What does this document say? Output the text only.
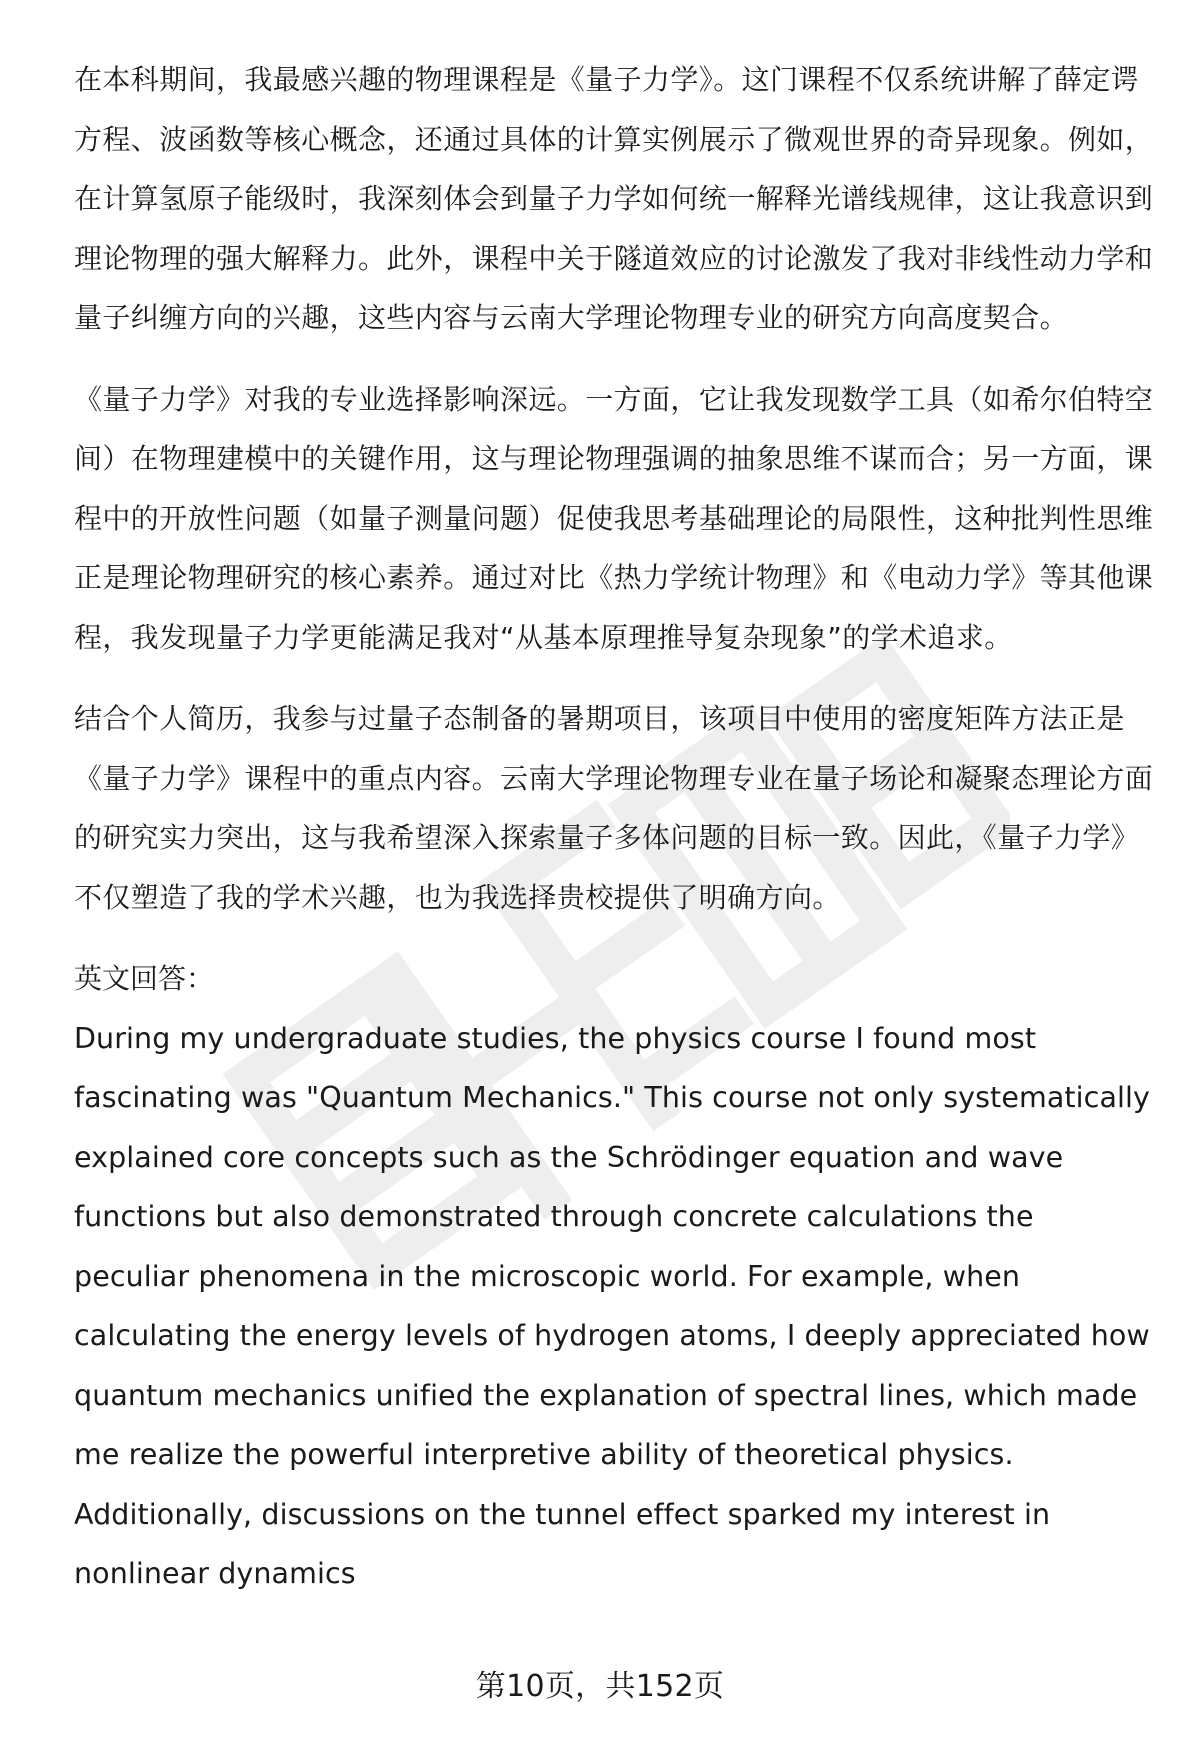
在本科期间，我最感兴趣的物理课程是《量子力学》。这门课程不仅系统讲解了薛定谔方程、波函数等核心概念，还通过具体的计算实例展示了微观世界的奇异现象。例如，在计算氢原子能级时，我深刻体会到量子力学如何统一解释光谱线规律，这让我意识到理论物理的强大解释力。此外，课程中关于隧道效应的讨论激发了我对非线性动力学和量子纠缠方向的兴趣，这些内容与云南大学理论物理专业的研究方向高度契合。

《量子力学》对我的专业选择影响深远。一方面，它让我发现数学工具（如希尔伯特空间）在物理建模中的关键作用，这与理论物理强调的抽象思维不谋而合；另一方面，课程中的开放性问题（如量子测量问题）促使我思考基础理论的局限性，这种批判性思维正是理论物理研究的核心素养。通过对比《热力学统计物理》和《电动力学》等其他课程，我发现量子力学更能满足我对“从基本原理推导复杂现象”的学术追求。

结合个人简历，我参与过量子态制备的暑期项目，该项目中使用的密度矩阵方法正是《量子力学》课程中的重点内容。云南大学理论物理专业在量子场论和凝聚态理论方面的研究实力突出，这与我希望深入探索量子多体问题的目标一致。因此，《量子力学》不仅塑造了我的学术兴趣，也为我选择贵校提供了明确方向。

英文回答：

During my undergraduate studies, the physics course I found most fascinating was "Quantum Mechanics." This course not only systematically explained core concepts such as the Schrödinger equation and wave functions but also demonstrated through concrete calculations the peculiar phenomena in the microscopic world. For example, when calculating the energy levels of hydrogen atoms, I deeply appreciated how quantum mechanics unified the explanation of spectral lines, which made me realize the powerful interpretive ability of theoretical physics. Additionally, discussions on the tunnel effect sparked my interest in nonlinear dynamics

第10页，共152页
